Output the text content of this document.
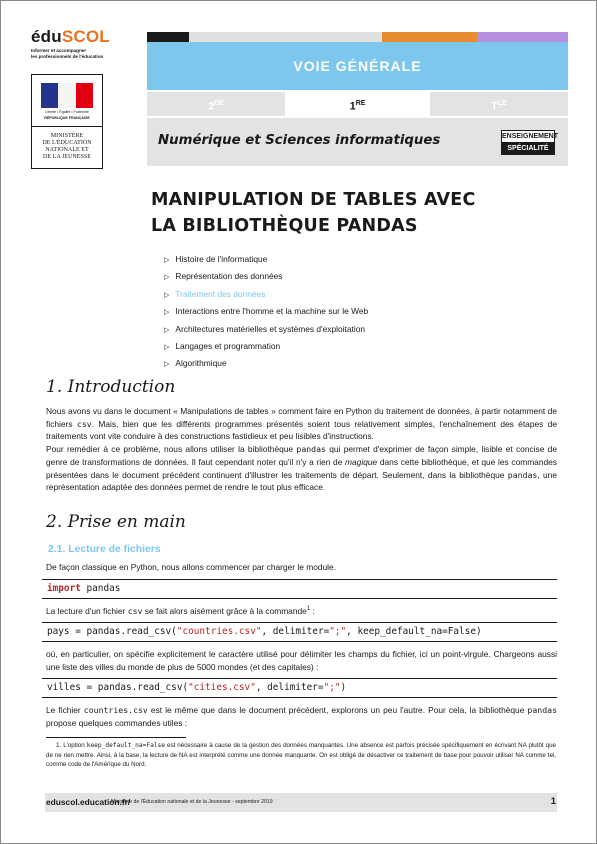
éduSCOL
Informer et accompagner
les professionnels de l'éducation
Liberté • Égalité • Fraternité
RÉPUBLIQUE FRANÇAISE
MINISTÈRE
DE L'ÉDUCATION
NATIONALE ET
DE LA JEUNESSE
VOIE GÉNÉRALE
2DE	1RE	$T^{LE}$
Numérique et Sciences informatiques	ENSEIGNEMENT
SPÉCIALITÉ
MANIPULATION DE TABLES AVEC
LA BIBLIOTHÈQUE PANDAS
▷ Histoire de l'informatique
▷ Représentation des données
▷ Traitement des données
▷ Interactions entre l'homme et la machine sur le Web
▷ Architectures matérielles et systèmes d'exploitation
▷ Langages et programmation
▷ Algorithmique
1. Introduction
Nous avons vu dans le document « Manipulations de tables » comment faire en Python du traitement de données, à partir notamment de fichiers csv. Mais, bien que les différents programmes présentés soient tous relativement simples, l'enchaînement des étapes de traitements vont vite conduire à des constructions fastidieux et peu lisibles d'instructions.
Pour remédier à ce problème, nous allons utiliser la bibliothèque pandas qui permet d'exprimer de façon simple, lisible et concise de genre de transformations de données. Il faut cependant noter qu'il n'y a rien de magique dans cette bibliothèque, et que les commandes présentées dans le document précédent continuent d'illustrer les traitements de départ. Seulement, dans la bibliothèque pandas, une représentation adaptée des données permet de rendre le tout plus efficace.
2. Prise en main
2.1. Lecture de fichiers
De façon classique en Python, nous allons commencer par charger le module.
import pandas
La lecture d'un fichier csv se fait alors aisément grâce à la commande$^1$ :
pays = pandas.read_csv("countries.csv", delimiter=";", keep_default_na=False)
où, en particulier, on spécifie explicitement le caractère utilisé pour délimiter les champs du fichier, ici un point-virgule. Chargeons aussi une liste des villes du monde de plus de 5000 mondes (et des capitales) :
villes = pandas.read_csv("cities.csv", delimiter=";")
Le fichier countries.csv est le même que dans le document précédent, explorons un peu l'autre. Pour cela, la bibliothèque pandas propose quelques commandes utiles :
1. L'option keep_default_na=False est nécessaire à cause de la gestion des données manquantes. Une absence est parfois précisée spécifiquement en écrivant NA plutôt que de ne rien mettre. Ainsi, à la base, la lecture de NA est interprété comme une donnée manquante. On est obligé de désactiver ce traitement de base pour pouvoir utiliser NA comme tel, comme code de l'Amérique du Nord.
eduscol.education.fr/
Ministère de l'Éducation nationale et de la Jeunesse - septembre 2019	1
